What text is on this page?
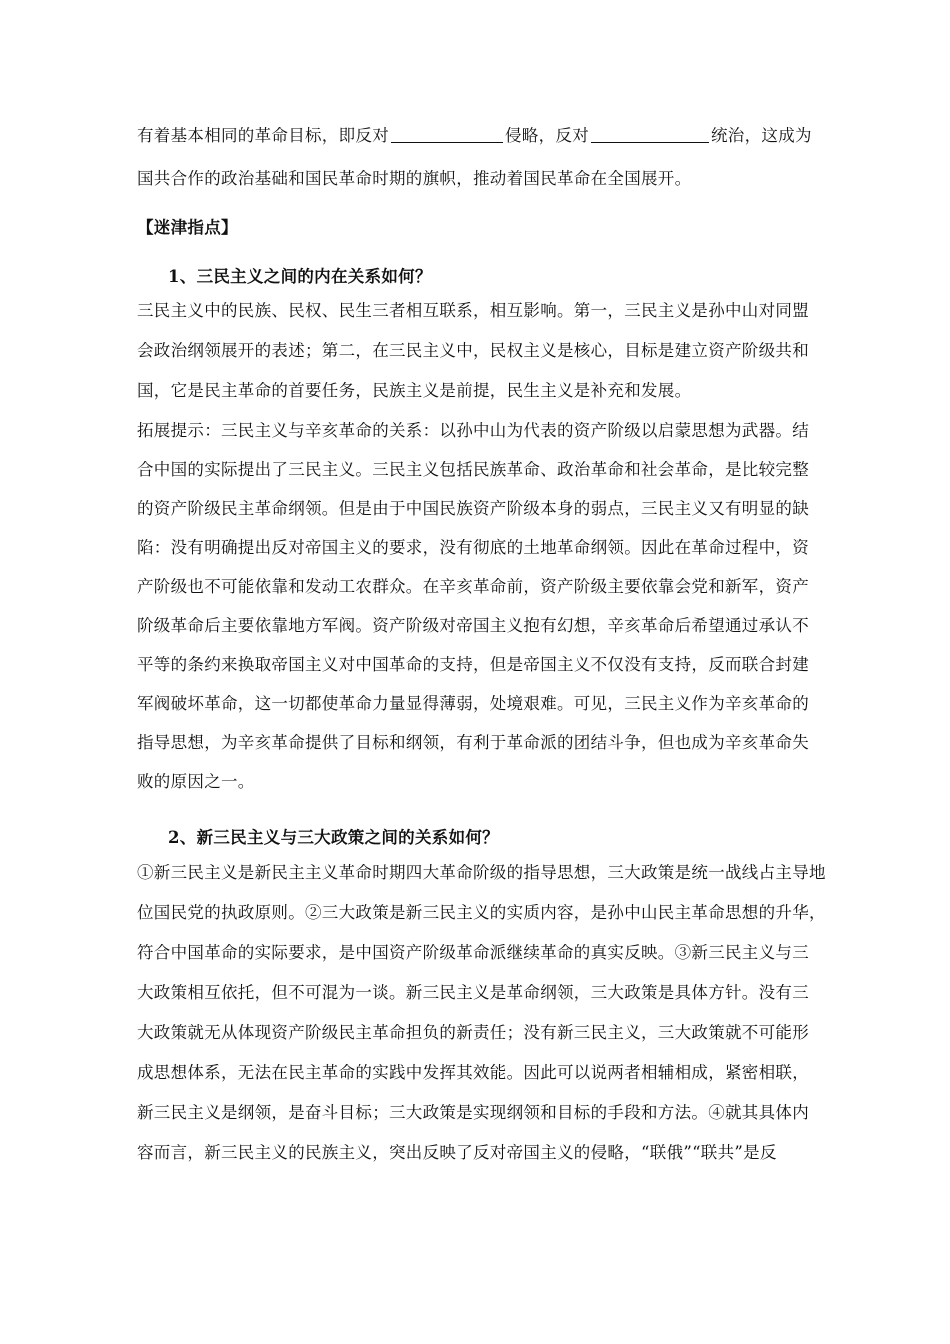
有着基本相同的革命目标，即反对	侵略，反对	统治，这成为
国共合作的政治基础和国民革命时期的旗帜，推动着国民革命在全国展开。
【迷津指点】
1、三民主义之间的内在关系如何？
三民主义中的民族、民权、民生三者相互联系，相互影响。第一，三民主义是孙中山对同盟
会政治纲领展开的表述；第二，在三民主义中，民权主义是核心，目标是建立资产阶级共和
国，它是民主革命的首要任务，民族主义是前提，民生主义是补充和发展。
拓展提示：三民主义与辛亥革命的关系：以孙中山为代表的资产阶级以启蒙思想为武器。结
合中国的实际提出了三民主义。三民主义包括民族革命、政治革命和社会革命，是比较完整
的资产阶级民主革命纲领。但是由于中国民族资产阶级本身的弱点，三民主义又有明显的缺
陷：没有明确提出反对帝国主义的要求，没有彻底的土地革命纲领。因此在革命过程中，资
产阶级也不可能依靠和发动工农群众。在辛亥革命前，资产阶级主要依靠会党和新军，资产
阶级革命后主要依靠地方军阀。资产阶级对帝国主义抱有幻想，辛亥革命后希望通过承认不
平等的条约来换取帝国主义对中国革命的支持，但是帝国主义不仅没有支持，反而联合封建
军阀破坏革命，这一切都使革命力量显得薄弱，处境艰难。可见，三民主义作为辛亥革命的
指导思想，为辛亥革命提供了目标和纲领，有利于革命派的团结斗争，但也成为辛亥革命失
败的原因之一。
2、新三民主义与三大政策之间的关系如何？
①新三民主义是新民主主义革命时期四大革命阶级的指导思想，三大政策是统一战线占主导地
位国民党的执政原则。②三大政策是新三民主义的实质内容，是孙中山民主革命思想的升华，
符合中国革命的实际要求，是中国资产阶级革命派继续革命的真实反映。③新三民主义与三
大政策相互依托，但不可混为一谈。新三民主义是革命纲领，三大政策是具体方针。没有三
大政策就无从体现资产阶级民主革命担负的新责任；没有新三民主义，三大政策就不可能形
成思想体系，无法在民主革命的实践中发挥其效能。因此可以说两者相辅相成，紧密相联，
新三民主义是纲领，是奋斗目标；三大政策是实现纲领和目标的手段和方法。④就其具体内
容而言，新三民主义的民族主义，突出反映了反对帝国主义的侵略，“联俄”“联共”是反
